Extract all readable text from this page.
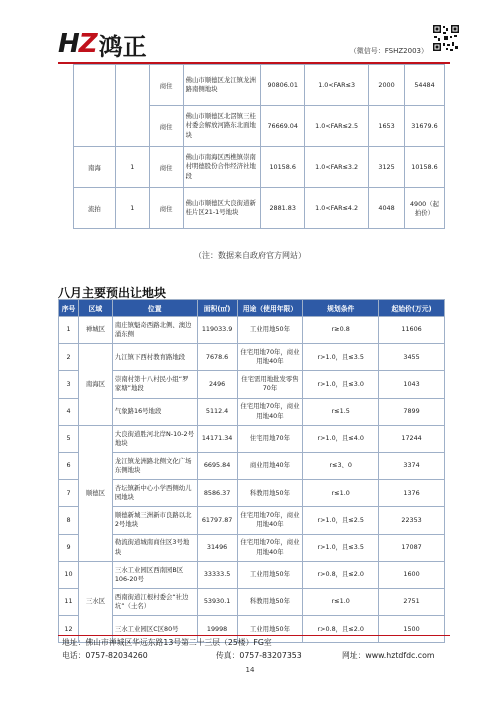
HZ 鸿正	（微信号：FSHZ2003）
		商住	佛山市顺德区龙江镇龙洲路南侧地块	90806.01	1.0<FAR≤3	2000	54484
		商住	佛山市顺德区北滘镇三桂村委会解放河路东北面地块	76669.04	1.0<FAR≤2.5	1653	31679.6
南海	1	商住	佛山市南海区西樵镇崇南村明德股份合作经济社地段	10158.6	1.0<FAR≤3.2	3125	10158.6
流拍	1	商住	佛山市顺德区大良街道新桂片区21-1号地块	2881.83	1.0<FAR≤4.2	4048	4900（起拍价）
（注：数据来自政府官方网站）
八月主要预出让地块
序号	区域	位置	面积(㎡)	用途（使用年限）	规划条件	起始价(万元)
1	禅城区	南庄镇魁奇西路北侧、澳边涌东侧	119033.9	工业用地50年	r≥0.8	11606
2	南海区	九江镇下西村教育路地段	7678.6	住宅用地70年，商业用地40年	r>1.0，且≤3.5	3455
3		崇南村第十八村民小组“罗家塘”地段	2496	住宅需用地批发零售70年	r>1.0，且≤3.0	1043
4		气象路16号地段	5112.4	住宅用地70年，商业用地40年	r≤1.5	7899
5	顺德区	大良街道胜河北岸N-10-2号地块	14171.34	住宅用地70年	r>1.0，且≤4.0	17244
6		龙江镇龙洲路北侧文化广场东侧地块	6695.84	商业用地40年	r≤3、0	3374
7		杏坛镇新中心小学西侧幼儿园地块	8586.37	科教用地50年	r≤1.0	1376
8		顺德新城三洲新市良路以北2号地块	61797.87	住宅用地70年，商业用地40年	r>1.0，且≤2.5	22353
9		勒流街道城南商住区3号地块	31496	住宅用地70年，商业用地40年	r>1.0，且≤3.5	17087
10	三水区	三水工业园区西南园B区106-20号	33333.5	工业用地50年	r>0.8，且≤2.0	1600
11		西南街道江根村委会“社边坑”（土名）	53930.1	科教用地50年	r≤1.0	2751
12		三水工业园区C区80号	19998	工业用地50年	r>0.8，且≤2.0	1500
地址：佛山市禅城区华远东路13号第二十三层（25楼）FG室
电话：0757-82034260	传真：0757-83207353	网址：www.hztdfdc.com
14
